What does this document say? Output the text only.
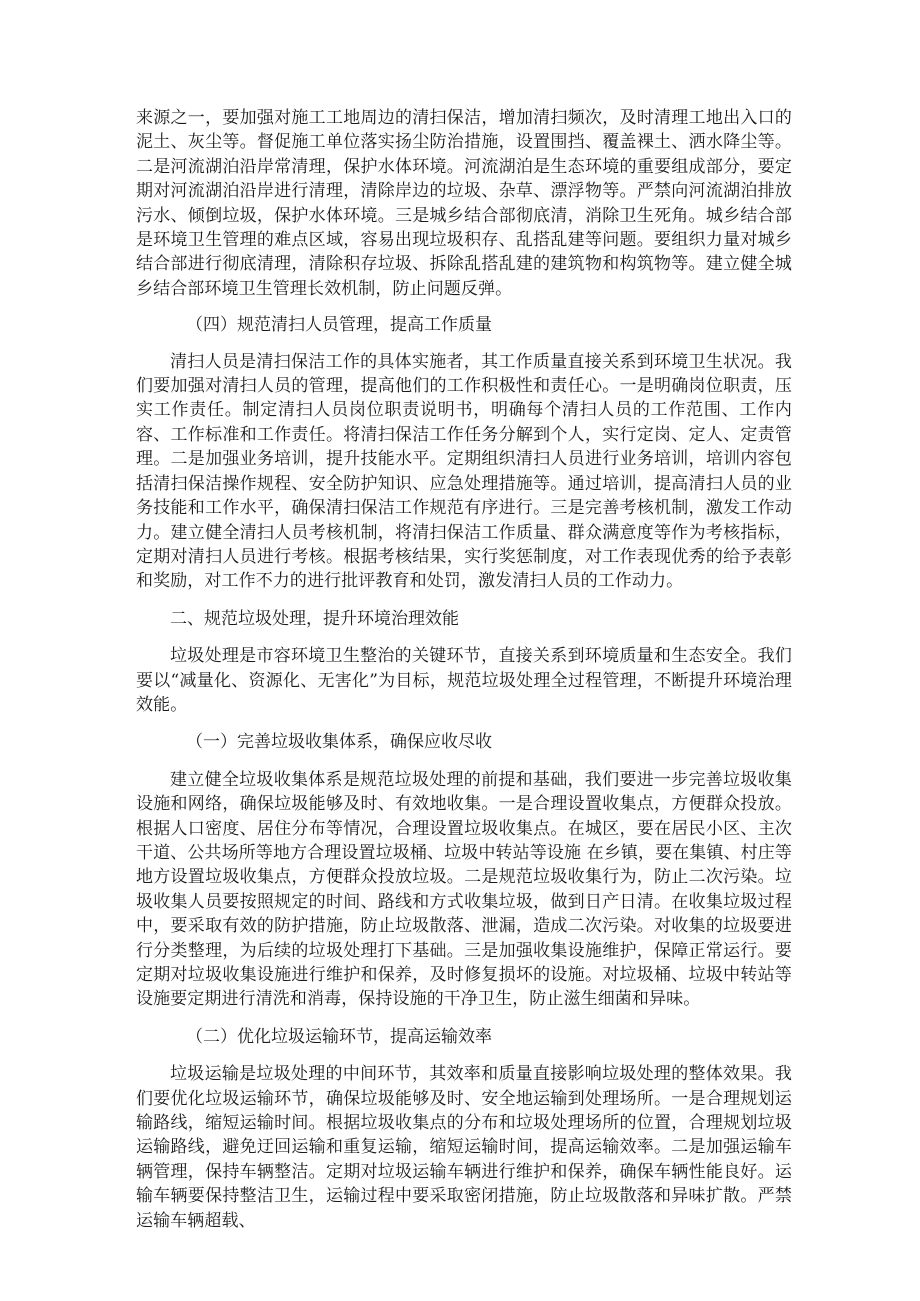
来源之一，要加强对施工工地周边的清扫保洁，增加清扫频次，及时清理工地出入口的泥土、灰尘等。督促施工单位落实扬尘防治措施，设置围挡、覆盖裸土、洒水降尘等。二是河流湖泊沿岸常清理，保护水体环境。河流湖泊是生态环境的重要组成部分，要定期对河流湖泊沿岸进行清理，清除岸边的垃圾、杂草、漂浮物等。严禁向河流湖泊排放污水、倾倒垃圾，保护水体环境。三是城乡结合部彻底清，消除卫生死角。城乡结合部是环境卫生管理的难点区域，容易出现垃圾积存、乱搭乱建等问题。要组织力量对城乡结合部进行彻底清理，清除积存垃圾、拆除乱搭乱建的建筑物和构筑物等。建立健全城乡结合部环境卫生管理长效机制，防止问题反弹。

（四）规范清扫人员管理，提高工作质量

清扫人员是清扫保洁工作的具体实施者，其工作质量直接关系到环境卫生状况。我们要加强对清扫人员的管理，提高他们的工作积极性和责任心。一是明确岗位职责，压实工作责任。制定清扫人员岗位职责说明书，明确每个清扫人员的工作范围、工作内容、工作标准和工作责任。将清扫保洁工作任务分解到个人，实行定岗、定人、定责管理。二是加强业务培训，提升技能水平。定期组织清扫人员进行业务培训，培训内容包括清扫保洁操作规程、安全防护知识、应急处理措施等。通过培训，提高清扫人员的业务技能和工作水平，确保清扫保洁工作规范有序进行。三是完善考核机制，激发工作动力。建立健全清扫人员考核机制，将清扫保洁工作质量、群众满意度等作为考核指标，定期对清扫人员进行考核。根据考核结果，实行奖惩制度，对工作表现优秀的给予表彰和奖励，对工作不力的进行批评教育和处罚，激发清扫人员的工作动力。

二、规范垃圾处理，提升环境治理效能

垃圾处理是市容环境卫生整治的关键环节，直接关系到环境质量和生态安全。我们要以“减量化、资源化、无害化”为目标，规范垃圾处理全过程管理，不断提升环境治理效能。

（一）完善垃圾收集体系，确保应收尽收

建立健全垃圾收集体系是规范垃圾处理的前提和基础，我们要进一步完善垃圾收集设施和网络，确保垃圾能够及时、有效地收集。一是合理设置收集点，方便群众投放。根据人口密度、居住分布等情况，合理设置垃圾收集点。在城区，要在居民小区、主次干道、公共场所等地方合理设置垃圾桶、垃圾中转站等设施 在乡镇，要在集镇、村庄等地方设置垃圾收集点，方便群众投放垃圾。二是规范垃圾收集行为，防止二次污染。垃圾收集人员要按照规定的时间、路线和方式收集垃圾，做到日产日清。在收集垃圾过程中，要采取有效的防护措施，防止垃圾散落、泄漏，造成二次污染。对收集的垃圾要进行分类整理，为后续的垃圾处理打下基础。三是加强收集设施维护，保障正常运行。要定期对垃圾收集设施进行维护和保养，及时修复损坏的设施。对垃圾桶、垃圾中转站等设施要定期进行清洗和消毒，保持设施的干净卫生，防止滋生细菌和异味。

（二）优化垃圾运输环节，提高运输效率

垃圾运输是垃圾处理的中间环节，其效率和质量直接影响垃圾处理的整体效果。我们要优化垃圾运输环节，确保垃圾能够及时、安全地运输到处理场所。一是合理规划运输路线，缩短运输时间。根据垃圾收集点的分布和垃圾处理场所的位置，合理规划垃圾运输路线，避免迂回运输和重复运输，缩短运输时间，提高运输效率。二是加强运输车辆管理，保持车辆整洁。定期对垃圾运输车辆进行维护和保养，确保车辆性能良好。运输车辆要保持整洁卫生，运输过程中要采取密闭措施，防止垃圾散落和异味扩散。严禁运输车辆超载、
